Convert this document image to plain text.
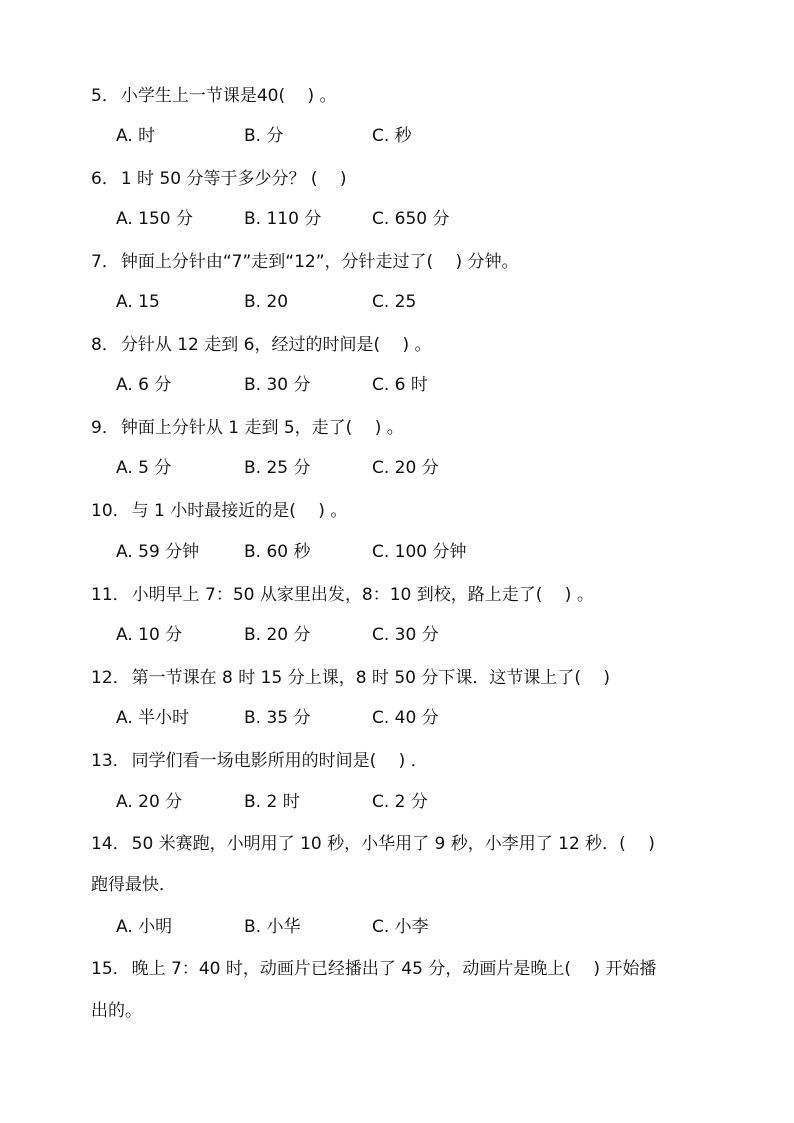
5． 小学生上一节课是40(　 ) 。
A. 时	B. 分	C. 秒
6． 1 时 50 分等于多少分？ (　 )
A. 150 分	B. 110 分	C. 650 分
7． 钟面上分针由“7”走到“12”，分针走过了(　 ) 分钟。
A. 15	B. 20	C. 25
8． 分针从 12 走到 6，经过的时间是(　 ) 。
A. 6 分	B. 30 分	C. 6 时
9． 钟面上分针从 1 走到 5，走了(　 ) 。
A. 5 分	B. 25 分	C. 20 分
10． 与 1 小时最接近的是(　 ) 。
A. 59 分钟	B. 60 秒	C. 100 分钟
11． 小明早上 7：50 从家里出发，8：10 到校，路上走了(　 ) 。
A. 10 分	B. 20 分	C. 30 分
12． 第一节课在 8 时 15 分上课，8 时 50 分下课．这节课上了(　 )
A. 半小时	B. 35 分	C. 40 分
13． 同学们看一场电影所用的时间是(　 ) ．
A. 20 分	B. 2 时	C. 2 分
14． 50 米赛跑，小明用了 10 秒，小华用了 9 秒，小李用了 12 秒．(　 )
跑得最快．
A. 小明	B. 小华	C. 小李
15． 晚上 7：40 时，动画片已经播出了 45 分，动画片是晚上(　 ) 开始播
出的。
